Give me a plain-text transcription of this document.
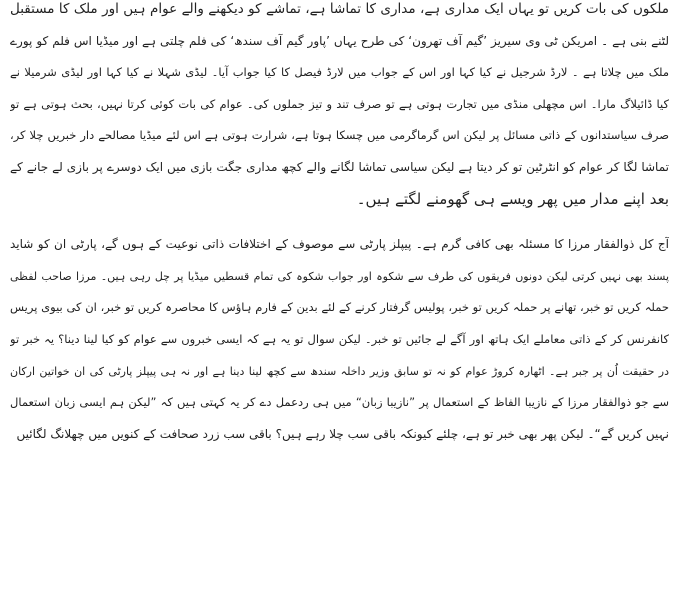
ملکوں کی بات کریں تو یہاں ایک مداری ہے، مداری کا تماشا ہے، تماشے کو دیکھنے والے عوام ہیں اور ملک کا مستقبل
لٹنے بنی ہے ۔ امریکن ٹی وی سیریز ’گیم آف تھرون‘ کی طرح یہاں ’پاور گیم آف سندھ‘ کی فلم چلتی ہے اور میڈیا اس فلم کو پورے
ملک میں چلاتا ہے ۔ لارڈ شرجیل نے کیا کہا اور اس کے جواب میں لارڈ فیصل کا کیا جواب آیا۔ لیڈی شہلا نے کیا کہا اور لیڈی شرمیلا نے
کیا ڈائیلاگ مارا۔ اس مچھلی منڈی میں تجارت ہوتی ہے تو صرف تند و تیز جملوں کی۔ عوام کی بات کوئی کرتا نہیں، بحث ہوتی ہے تو
صرف سیاستدانوں کے ذاتی مسائل پر لیکن اس گرماگرمی میں چسکا ہوتا ہے، شرارت ہوتی ہے اس لئے میڈیا مصالحے دار خبریں چلا کر،
تماشا لگا کر عوام کو انٹرٹین تو کر دیتا ہے لیکن سیاسی تماشا لگانے والے کچھ مداری جگت بازی میں ایک دوسرے پر بازی لے جانے کے
بعد اپنے مدار میں پھر ویسے ہی گھومنے لگتے ہیں۔
آج کل ذوالفقار مرزا کا مسئلہ بھی کافی گرم ہے۔ پیپلز پارٹی سے موصوف کے اختلافات ذاتی نوعیت کے ہوں گے، پارٹی ان کو شاید
پسند بھی نہیں کرتی لیکن دونوں فریقوں کی طرف سے شکوہ اور جواب شکوہ کی تمام قسطیں میڈیا پر چل رہی ہیں۔ مرزا صاحب لفظی
حملہ کریں تو خبر، تھانے پر حملہ کریں تو خبر، پولیس گرفتار کرنے کے لئے بدین کے فارم ہاؤس کا محاصرہ کریں تو خبر، ان کی بیوی پریس
کانفرنس کر کے ذاتی معاملے ایک ہاتھ اور آگے لے جائیں تو خبر۔ لیکن سوال تو یہ ہے کہ ایسی خبروں سے عوام کو کیا لینا دینا؟ یہ خبر تو
در حقیقت اُن پر جبر ہے۔ اٹھارہ کروڑ عوام کو نہ تو سابق وزیر داخلہ سندھ سے کچھ لینا دینا ہے اور نہ ہی پیپلز پارٹی کی ان خواتین ارکان
سے جو ذوالفقار مرزا کے نازیبا الفاظ کے استعمال پر ”نازیبا زبان“ میں ہی ردعمل دے کر یہ کہتی ہیں کہ ”لیکن ہم ایسی زبان استعمال
نہیں کریں گے“۔ لیکن پھر بھی خبر تو ہے، چلئے کیونکہ باقی سب چلا رہے ہیں؟ باقی سب زرد صحافت کے کنویں میں چھلانگ لگائیں
